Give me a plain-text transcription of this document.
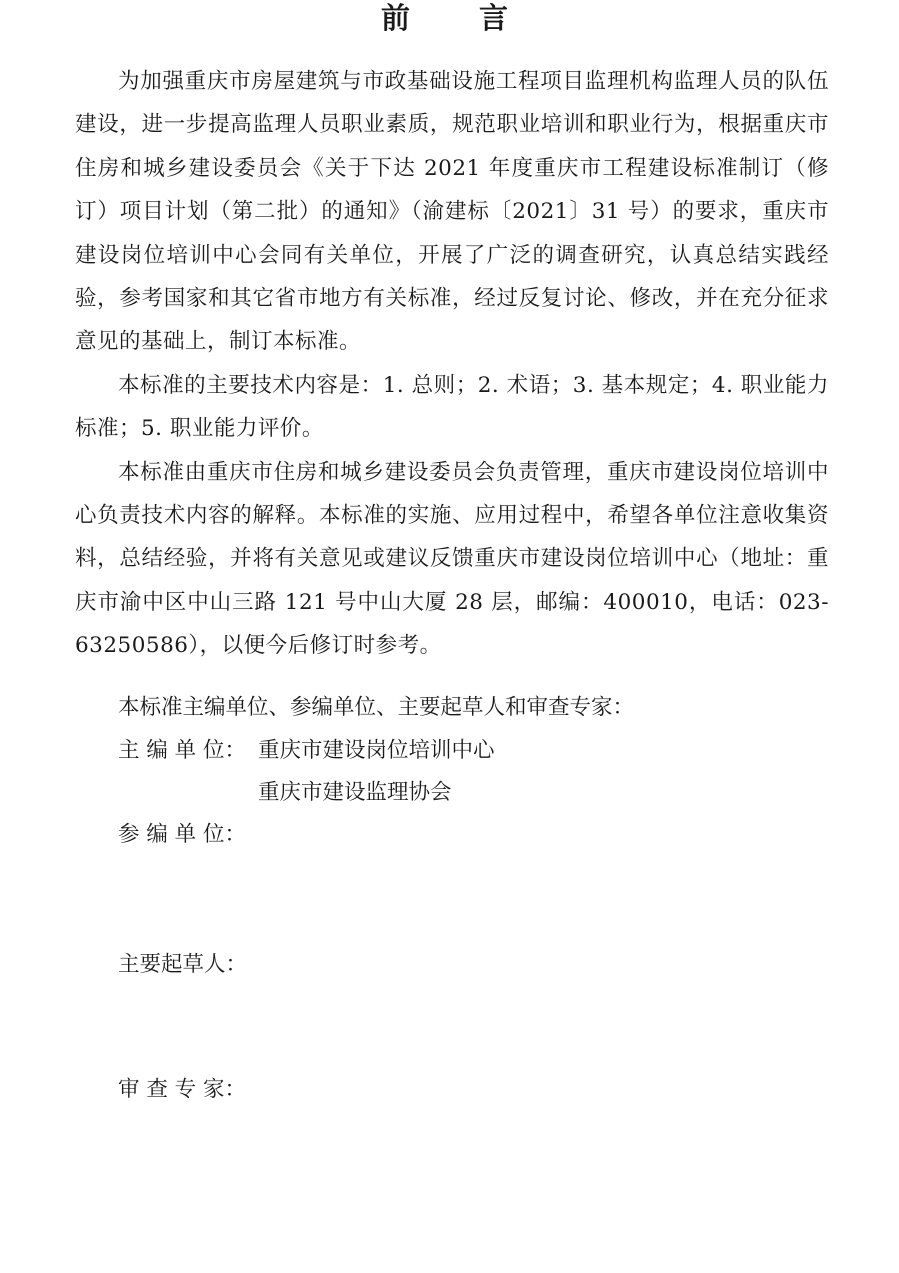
前　言

为加强重庆市房屋建筑与市政基础设施工程项目监理机构监理人员的队伍建设，进一步提高监理人员职业素质，规范职业培训和职业行为，根据重庆市住房和城乡建设委员会《关于下达 2021 年度重庆市工程建设标准制订（修订）项目计划（第二批）的通知》（渝建标〔2021〕31 号）的要求，重庆市建设岗位培训中心会同有关单位，开展了广泛的调查研究，认真总结实践经验，参考国家和其它省市地方有关标准，经过反复讨论、修改，并在充分征求意见的基础上，制订本标准。

本标准的主要技术内容是：1. 总则；2. 术语；3. 基本规定；4. 职业能力标准；5. 职业能力评价。

本标准由重庆市住房和城乡建设委员会负责管理，重庆市建设岗位培训中心负责技术内容的解释。本标准的实施、应用过程中，希望各单位注意收集资料，总结经验，并将有关意见或建议反馈重庆市建设岗位培训中心（地址：重庆市渝中区中山三路 121 号中山大厦 28 层，邮编：400010，电话：023-63250586），以便今后修订时参考。

本标准主编单位、参编单位、主要起草人和审查专家：
主 编 单 位： 重庆市建设岗位培训中心
重庆市建设监理协会
参 编 单 位：
主要起草人：
审 查 专 家：
